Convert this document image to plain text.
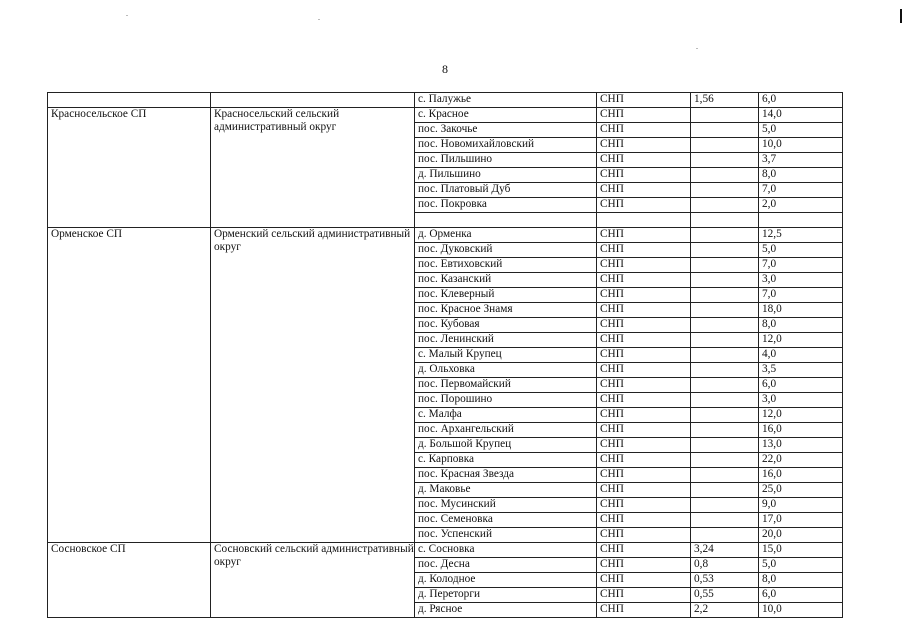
8
		с. Палужье	СНП	1,56	6,0
Красносельское СП	Красносельский сельский административный округ	с. Красное	СНП		14,0
		пос. Закочье	СНП		5,0
		пос. Новомихайловский	СНП		10,0
		пос. Пильшино	СНП		3,7
		д. Пильшино	СНП		8,0
		пос. Платовый Дуб	СНП		7,0
		пос. Покровка	СНП		2,0

Орменское СП	Орменский сельский административный округ	д. Орменка	СНП		12,5
		пос. Дуковский	СНП		5,0
		пос. Евтиховский	СНП		7,0
		пос. Казанский	СНП		3,0
		пос. Клеверный	СНП		7,0
		пос. Красное Знамя	СНП		18,0
		пос. Кубовая	СНП		8,0
		пос. Ленинский	СНП		12,0
		с. Малый Крупец	СНП		4,0
		д. Ольховка	СНП		3,5
		пос. Первомайский	СНП		6,0
		пос. Порошино	СНП		3,0
		с. Малфа	СНП		12,0
		пос. Архангельский	СНП		16,0
		д. Большой Крупец	СНП		13,0
		с. Карповка	СНП		22,0
		пос. Красная Звезда	СНП		16,0
		д. Маковье	СНП		25,0
		пос. Мусинский	СНП		9,0
		пос. Семеновка	СНП		17,0
		пос. Успенский	СНП		20,0
Сосновское СП	Сосновский сельский административный округ	с. Сосновка	СНП	3,24	15,0
		пос. Десна	СНП	0,8	5,0
		д. Колодное	СНП	0,53	8,0
		д. Переторги	СНП	0,55	6,0
		д. Рясное	СНП	2,2	10,0
